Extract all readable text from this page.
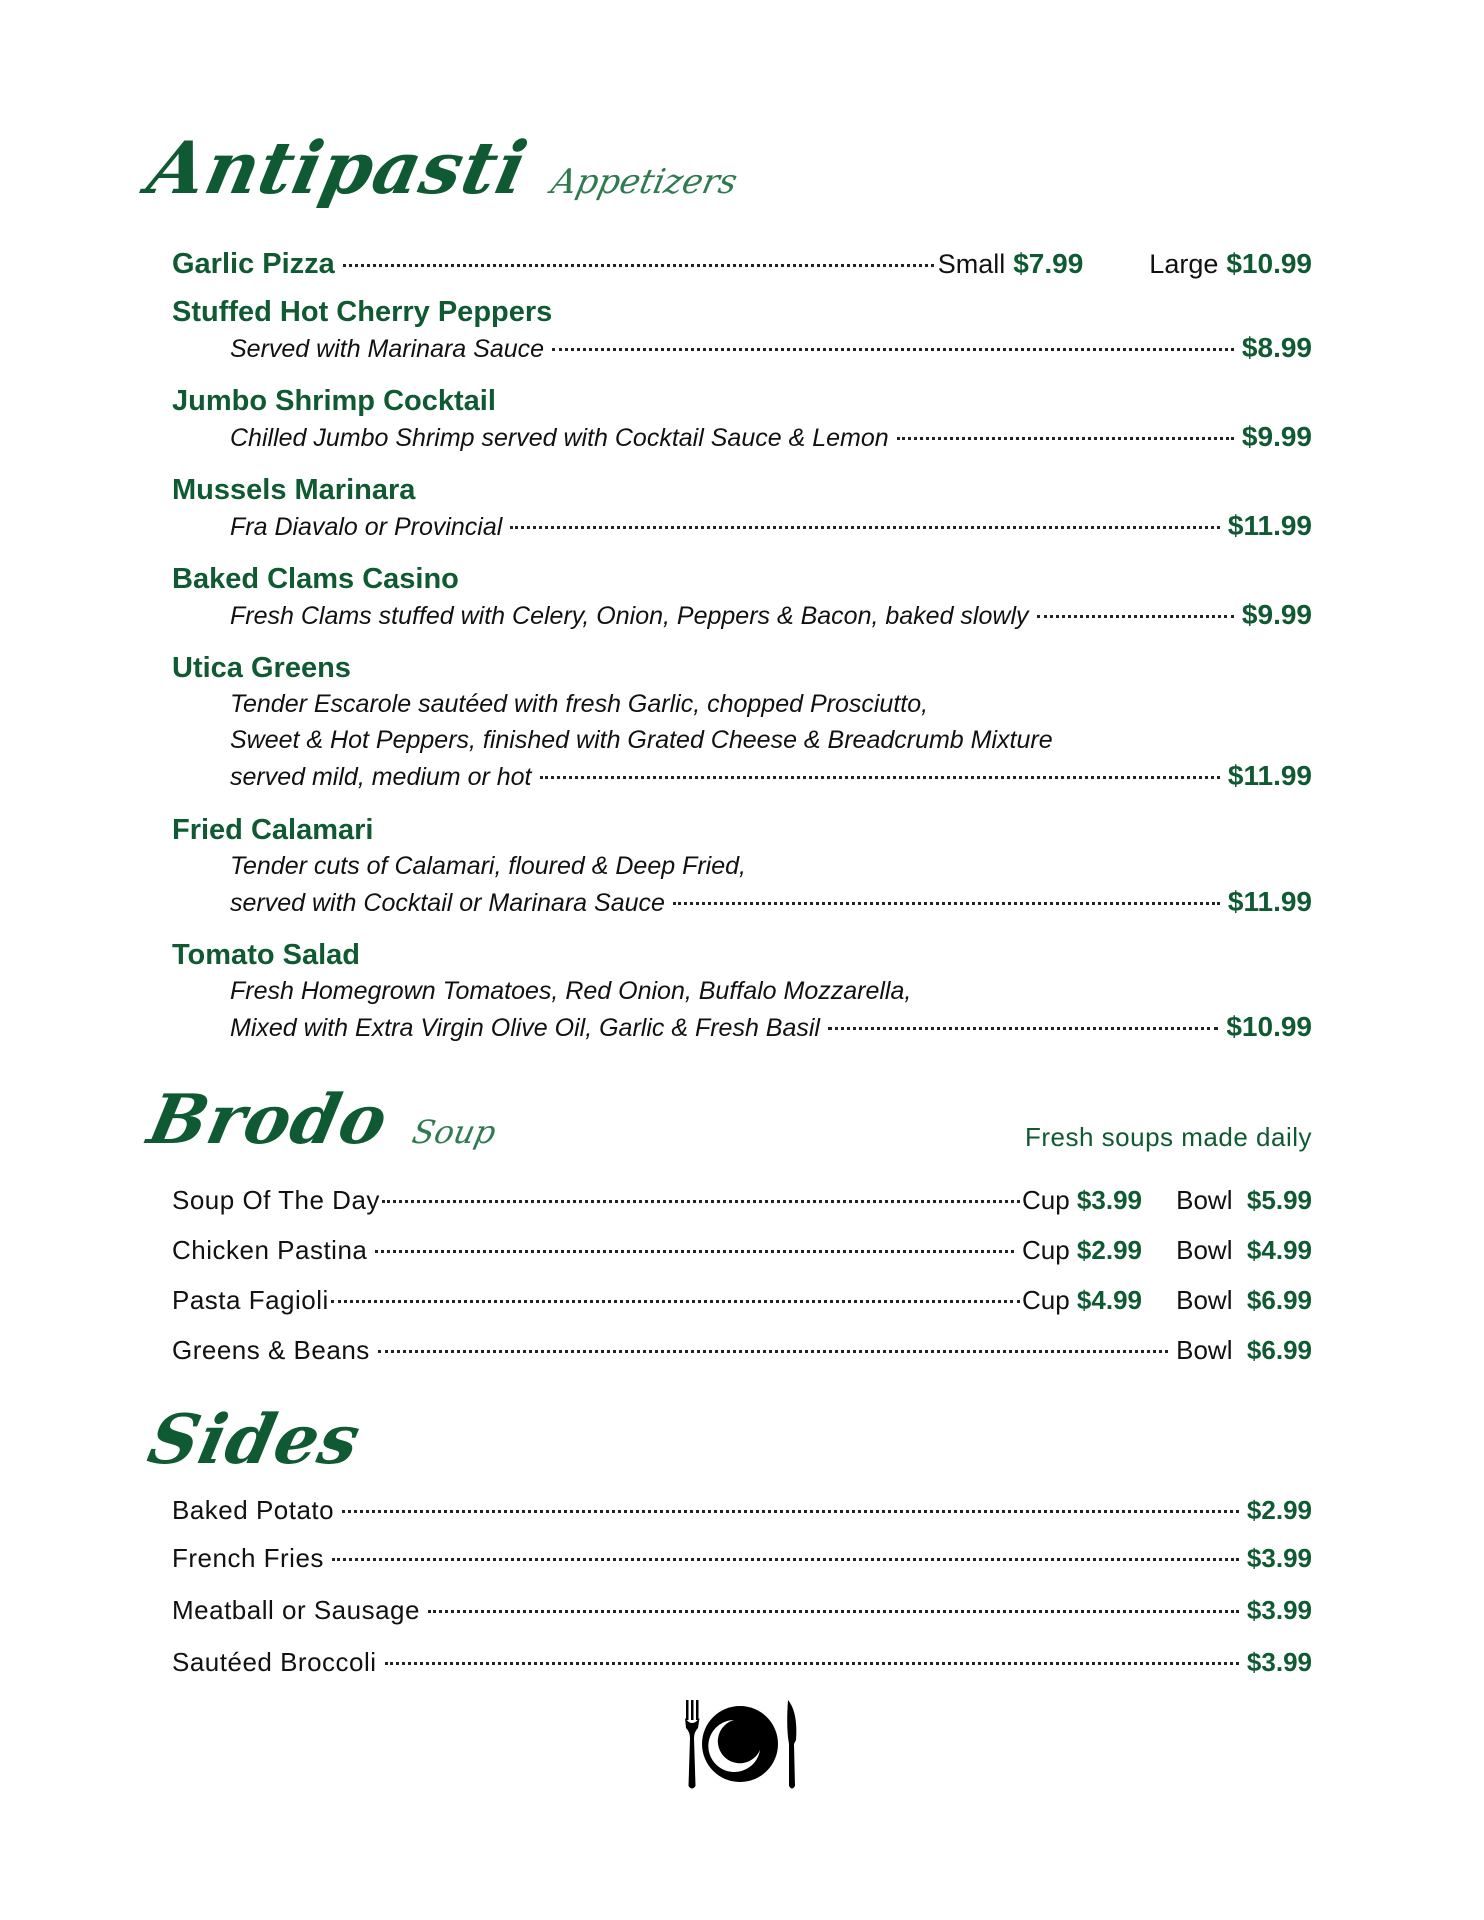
Antipasti Appetizers
Garlic Pizza	Small $7.99 Large $10.99
Stuffed Hot Cherry Peppers
Served with Marinara Sauce	$8.99
Jumbo Shrimp Cocktail
Chilled Jumbo Shrimp served with Cocktail Sauce & Lemon	$9.99
Mussels Marinara
Fra Diavalo or Provincial	$11.99
Baked Clams Casino
Fresh Clams stuffed with Celery, Onion, Peppers & Bacon, baked slowly	$9.99
Utica Greens
Tender Escarole sautéed with fresh Garlic, chopped Prosciutto,
Sweet & Hot Peppers, finished with Grated Cheese & Breadcrumb Mixture
served mild, medium or hot	$11.99
Fried Calamari
Tender cuts of Calamari, floured & Deep Fried,
served with Cocktail or Marinara Sauce	$11.99
Tomato Salad
Fresh Homegrown Tomatoes, Red Onion, Buffalo Mozzarella,
Mixed with Extra Virgin Olive Oil, Garlic & Fresh Basil	$10.99
Brodo Soup	Fresh soups made daily
Soup Of The Day	Cup $3.99	Bowl $5.99
Chicken Pastina	Cup $2.99	Bowl $4.99
Pasta Fagioli	Cup $4.99	Bowl $6.99
Greens & Beans	Bowl $6.99
Sides
Baked Potato	$2.99
French Fries	$3.99
Meatball or Sausage	$3.99
Sautéed Broccoli	$3.99
